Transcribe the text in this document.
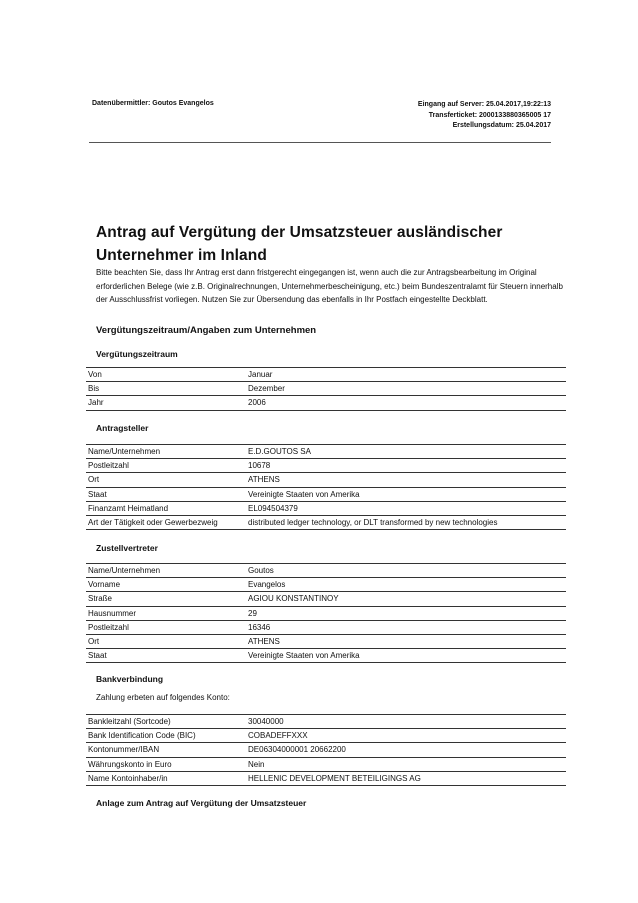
Datenübermittler: Goutos Evangelos	Eingang auf Server: 25.04.2017,19:22:13
Transferticket: 2000133880365005 17
Erstellungsdatum: 25.04.2017
Antrag auf Vergütung der Umsatzsteuer ausländischer
Unternehmer im Inland
Bitte beachten Sie, dass Ihr Antrag erst dann fristgerecht eingegangen ist, wenn auch die zur Antragsbearbeitung im Original erforderlichen Belege (wie z.B. Originalrechnungen, Unternehmerbescheinigung, etc.) beim Bundeszentralamt für Steuern innerhalb der Ausschlussfrist vorliegen. Nutzen Sie zur Übersendung das ebenfalls in Ihr Postfach eingestellte Deckblatt.
Vergütungszeitraum/Angaben zum Unternehmen
Vergütungszeitraum
Von	Januar
Bis	Dezember
Jahr	2006
Antragsteller
Name/Unternehmen	E.D.GOUTOS SA
Postleitzahl	10678
Ort	ATHENS
Staat	Vereinigte Staaten von Amerika
Finanzamt Heimatland	EL094504379
Art der Tätigkeit oder Gewerbezweig	distributed ledger technology, or DLT transformed by new technologies
Zustellvertreter
Name/Unternehmen	Goutos
Vorname	Evangelos
Straße	AGIOU KONSTANTINOY
Hausnummer	29
Postleitzahl	16346
Ort	ATHENS
Staat	Vereinigte Staaten von Amerika
Bankverbindung
Zahlung erbeten auf folgendes Konto:
Bankleitzahl (Sortcode)	30040000
Bank Identification Code (BIC)	COBADEFFXXX
Kontonummer/IBAN	DE06304000001 20662200
Währungskonto in Euro	Nein
Name Kontoinhaber/in	HELLENIC DEVELOPMENT BETEILIGINGS AG
Anlage zum Antrag auf Vergütung der Umsatzsteuer
